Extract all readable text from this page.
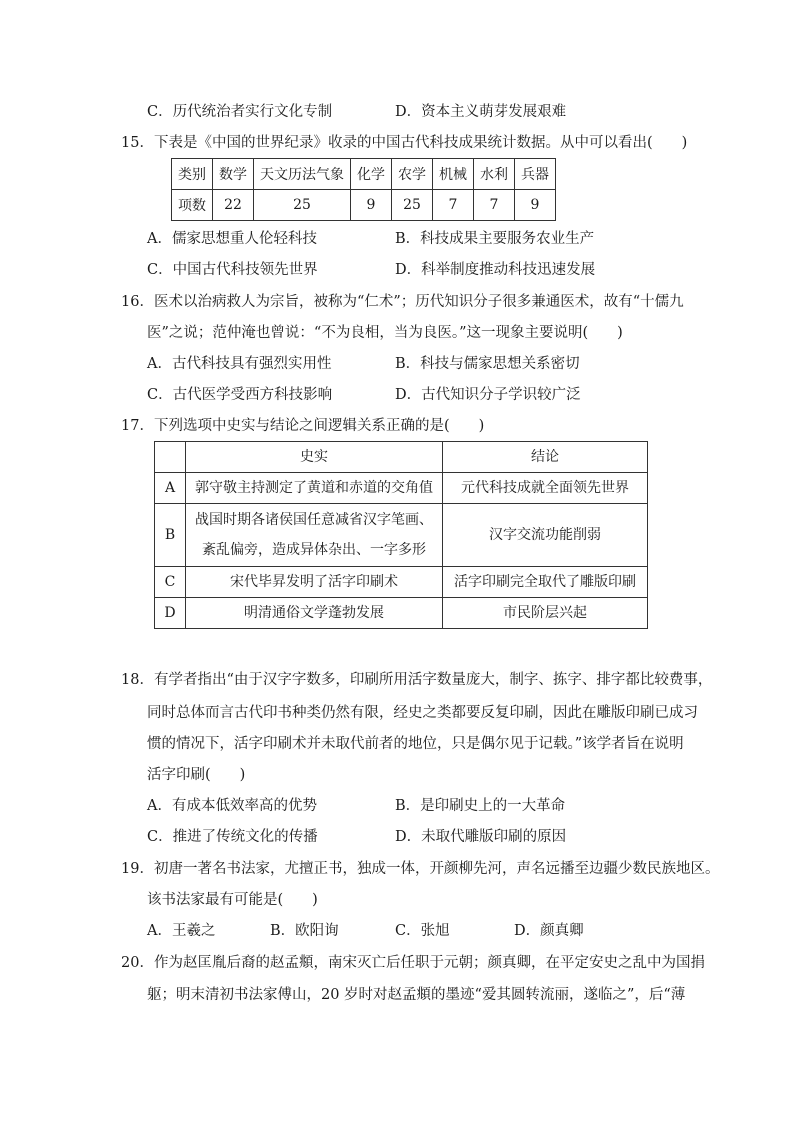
C．历代统治者实行文化专制	D．资本主义萌芽发展艰难
15．下表是《中国的世界纪录》收录的中国古代科技成果统计数据。从中可以看出(　　)
类别	数学	天文历法气象	化学	农学	机械	水利	兵器
项数	22	25	9	25	7	7	9
A．儒家思想重人伦轻科技	B．科技成果主要服务农业生产
C．中国古代科技领先世界	D．科举制度推动科技迅速发展
16．医术以治病救人为宗旨，被称为“仁术”；历代知识分子很多兼通医术，故有“十儒九
医”之说；范仲淹也曾说：“不为良相，当为良医。”这一现象主要说明(　　)
A．古代科技具有强烈实用性	B．科技与儒家思想关系密切
C．古代医学受西方科技影响	D．古代知识分子学识较广泛
17．下列选项中史实与结论之间逻辑关系正确的是(　　)
	史实	结论
A	郭守敬主持测定了黄道和赤道的交角值	元代科技成就全面领先世界
B	战国时期各诸侯国任意减省汉字笔画、
紊乱偏旁，造成异体杂出、一字多形	汉字交流功能削弱
C	宋代毕昇发明了活字印刷术	活字印刷完全取代了雕版印刷
D	明清通俗文学蓬勃发展	市民阶层兴起
18．有学者指出“由于汉字字数多，印刷所用活字数量庞大，制字、拣字、排字都比较费事，
同时总体而言古代印书种类仍然有限，经史之类都要反复印刷，因此在雕版印刷已成习
惯的情况下，活字印刷术并未取代前者的地位，只是偶尔见于记载。”该学者旨在说明
活字印刷(　　)
A．有成本低效率高的优势	B．是印刷史上的一大革命
C．推进了传统文化的传播	D．未取代雕版印刷的原因
19．初唐一著名书法家，尤擅正书，独成一体，开颜柳先河，声名远播至边疆少数民族地区。
该书法家最有可能是(　　)
A．王羲之	B．欧阳询	C．张旭	D．颜真卿
20．作为赵匡胤后裔的赵孟頫，南宋灭亡后任职于元朝；颜真卿，在平定安史之乱中为国捐
躯；明末清初书法家傅山，20 岁时对赵孟頫的墨迹“爱其圆转流丽，遂临之”，后“薄
